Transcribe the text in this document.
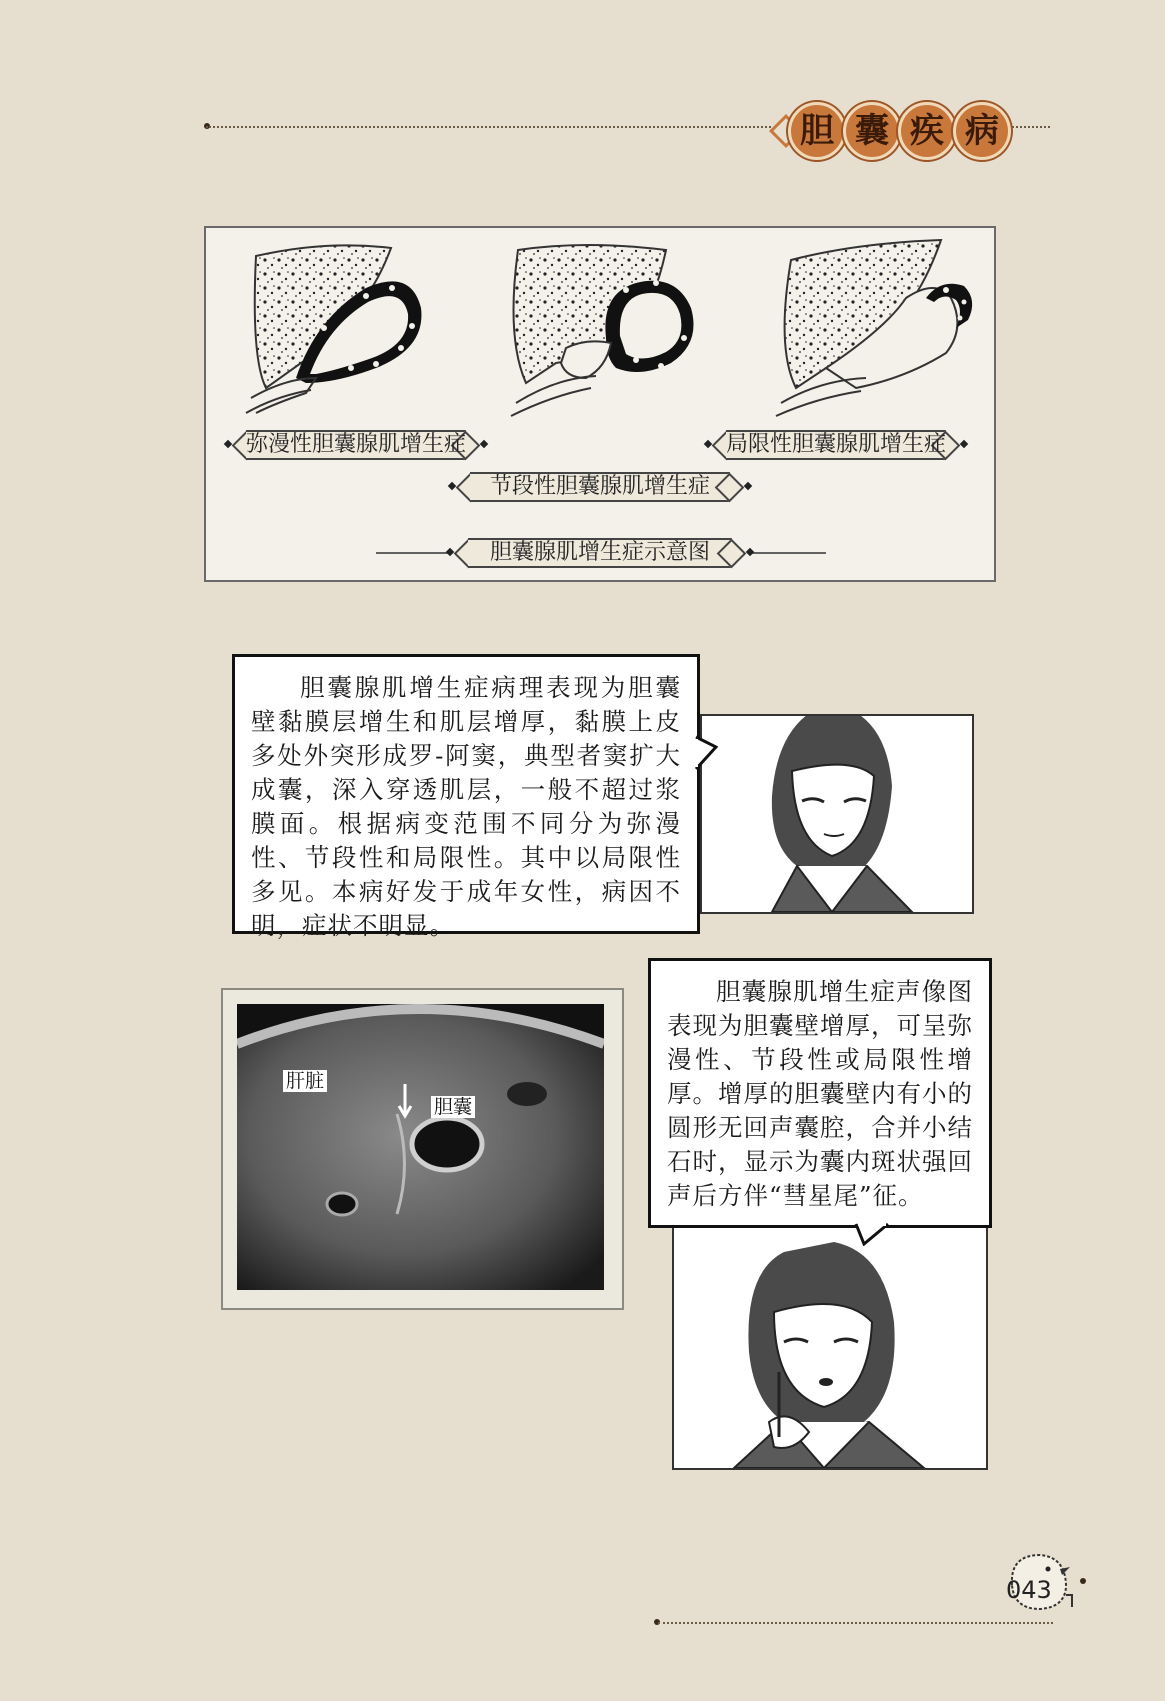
胆 囊 疾 病
弥漫性胆囊腺肌增生症	局限性胆囊腺肌增生症
节段性胆囊腺肌增生症
胆囊腺肌增生症示意图

胆囊腺肌增生症病理表现为胆囊壁黏膜层增生和肌层增厚，黏膜上皮多处外突形成罗-阿窦，典型者窦扩大成囊，深入穿透肌层，一般不超过浆膜面。根据病变范围不同分为弥漫性、节段性和局限性。其中以局限性多见。本病好发于成年女性，病因不明，症状不明显。

肝脏
胆囊

胆囊腺肌增生症声像图表现为胆囊壁增厚，可呈弥漫性、节段性或局限性增厚。增厚的胆囊壁内有小的圆形无回声囊腔，合并小结石时，显示为囊内斑状强回声后方伴“彗星尾”征。

043
